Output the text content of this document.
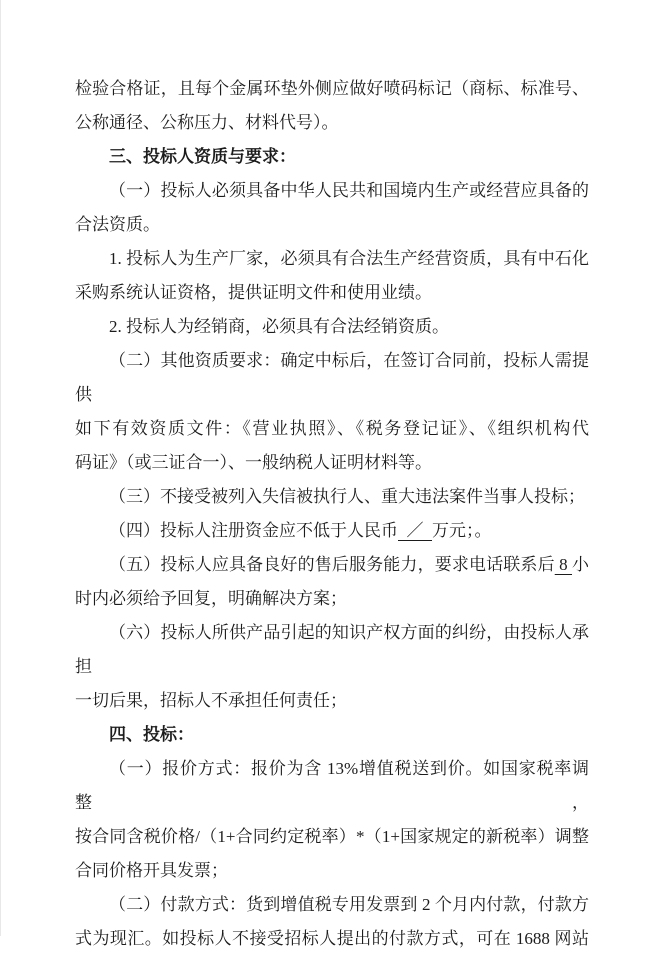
检验合格证，且每个金属环垫外侧应做好喷码标记（商标、标准号、
公称通径、公称压力、材料代号）。
三、投标人资质与要求：
（一）投标人必须具备中华人民共和国境内生产或经营应具备的
合法资质。
1. 投标人为生产厂家，必须具有合法生产经营资质，具有中石化
采购系统认证资格，提供证明文件和使用业绩。
2. 投标人为经销商，必须具有合法经销资质。
（二）其他资质要求：确定中标后，在签订合同前，投标人需提供
如下有效资质文件：《营业执照》、《税务登记证》、《组织机构代
码证》（或三证合一）、一般纳税人证明材料等。
（三）不接受被列入失信被执行人、重大违法案件当事人投标；
（四）投标人注册资金应不低于人民币  ／  万元；。
（五）投标人应具备良好的售后服务能力，要求电话联系后 8 小
时内必须给予回复，明确解决方案；
（六）投标人所供产品引起的知识产权方面的纠纷，由投标人承担
一切后果，招标人不承担任何责任；
四、投标：
（一）报价方式：报价为含 13%增值税送到价。如国家税率调整，
按合同含税价格/（1+合同约定税率）*（1+国家规定的新税率）调整
合同价格开具发票；
（二）付款方式：货到增值税专用发票到 2 个月内付款，付款方
式为现汇。如投标人不接受招标人提出的付款方式，可在 1688 网站
